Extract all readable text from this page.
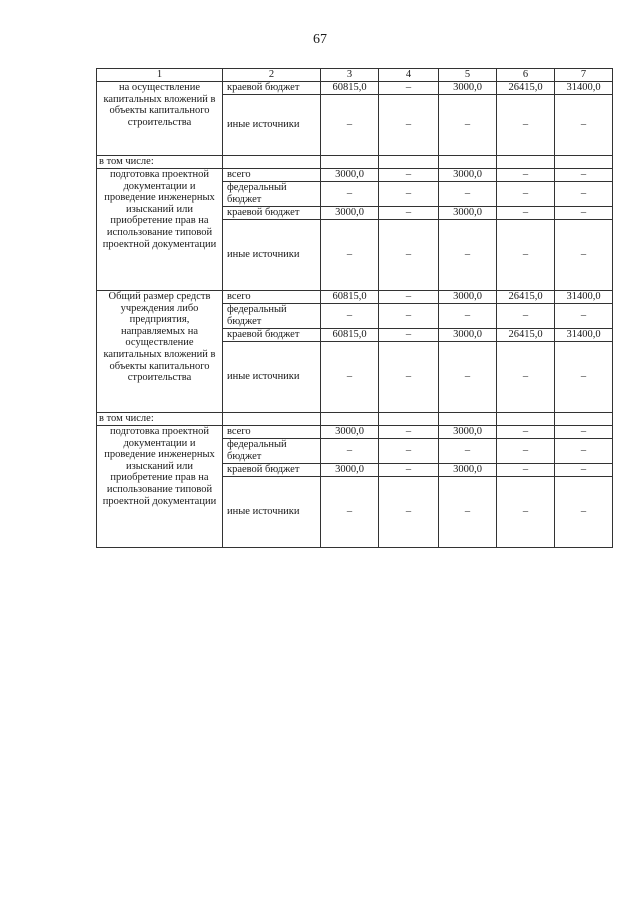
67
1	2	3	4	5	6	7
на осуществление капитальных вложений в объекты капитального строительства	краевой бюджет	60815,0	–	3000,0	26415,0	31400,0
	иные источники	–	–	–	–	–
в том числе:						
подготовка проектной документации и проведение инженерных изысканий или приобретение прав на использование типовой проектной документации	всего	3000,0	–	3000,0	–	–
	федеральный бюджет	–	–	–	–	–
	краевой бюджет	3000,0	–	3000,0	–	–
	иные источники	–	–	–	–	–
Общий размер средств учреждения либо предприятия, направляемых на осуществление капитальных вложений в объекты капитального строительства	всего	60815,0	–	3000,0	26415,0	31400,0
	федеральный бюджет	–	–	–	–	–
	краевой бюджет	60815,0	–	3000,0	26415,0	31400,0
	иные источники	–	–	–	–	–
в том числе:						
подготовка проектной документации и проведение инженерных изысканий или приобретение прав на использование типовой проектной документации	всего	3000,0	–	3000,0	–	–
	федеральный бюджет	–	–	–	–	–
	краевой бюджет	3000,0	–	3000,0	–	–
	иные источники	–	–	–	–	–
